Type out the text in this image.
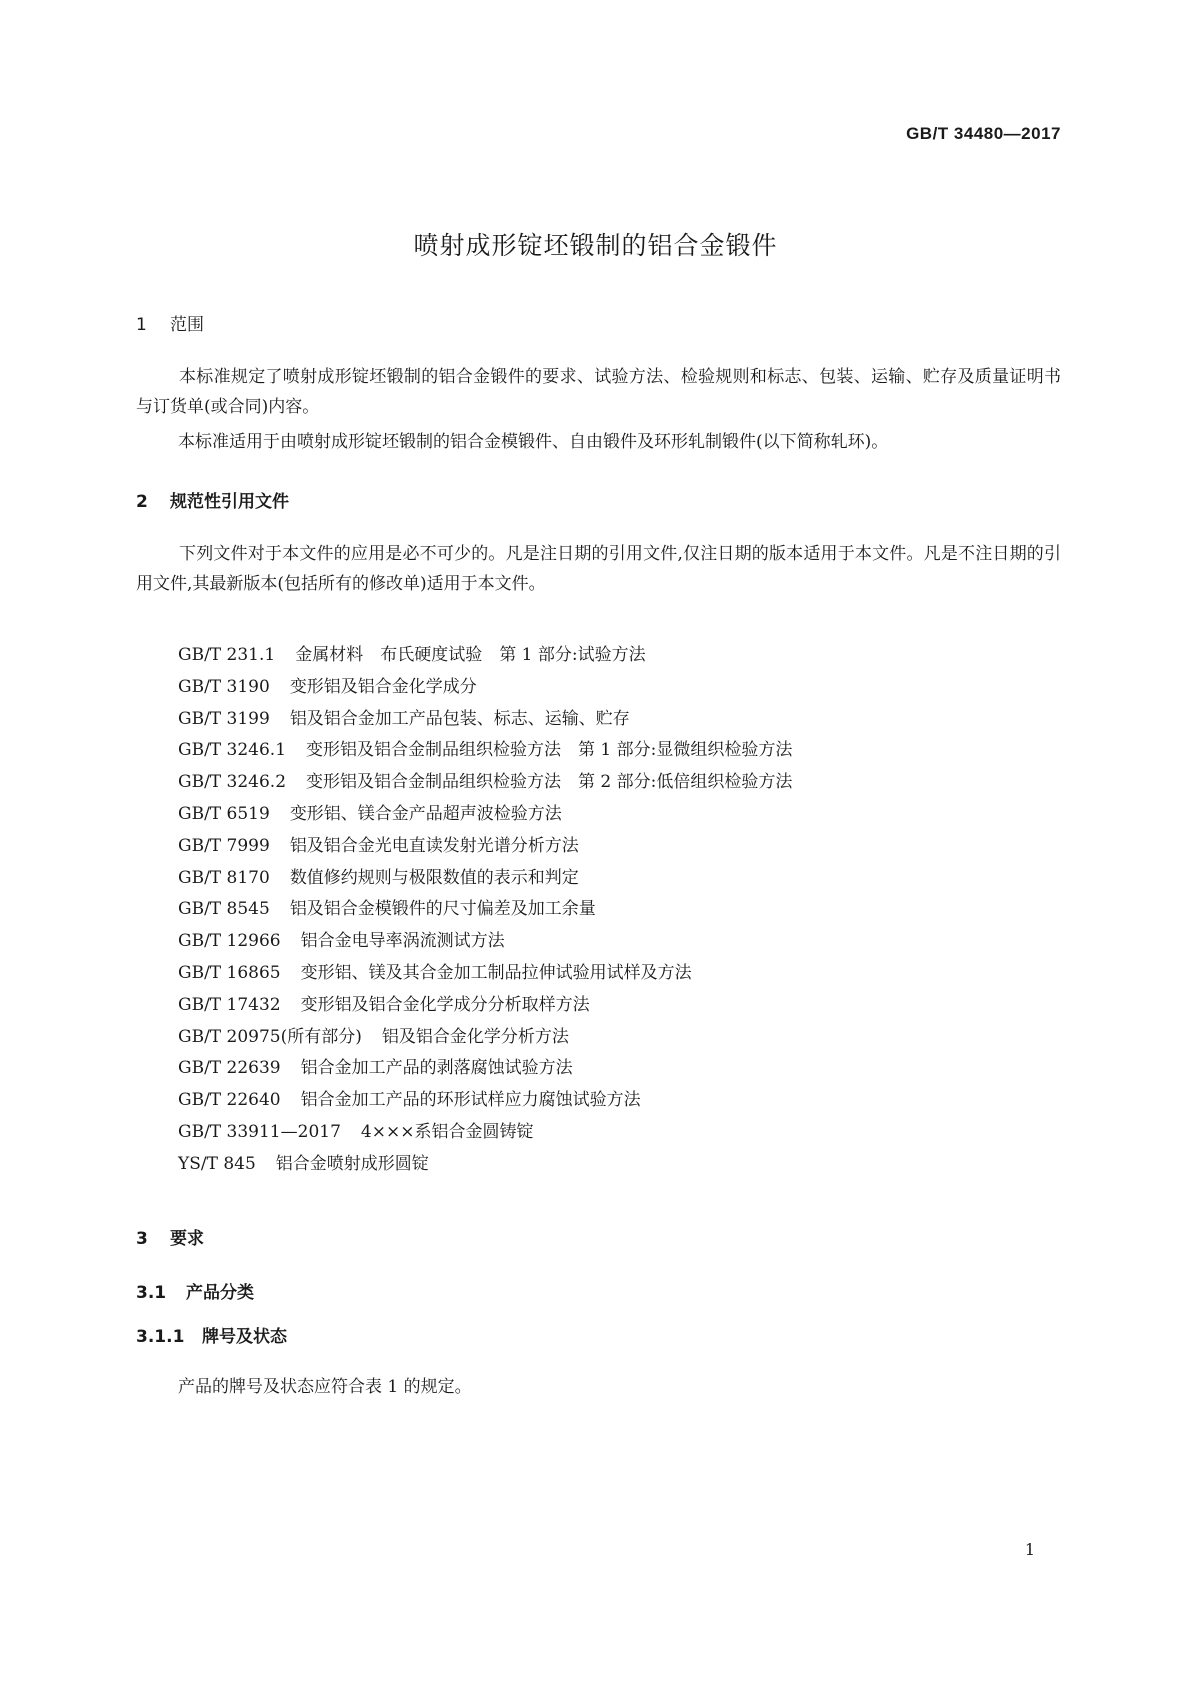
GB/T 34480—2017
喷射成形锭坯锻制的铝合金锻件
1 范围
本标准规定了喷射成形锭坯锻制的铝合金锻件的要求、试验方法、检验规则和标志、包装、运输、贮存及质量证明书与订货单(或合同)内容。
本标准适用于由喷射成形锭坯锻制的铝合金模锻件、自由锻件及环形轧制锻件(以下简称轧环)。
2 规范性引用文件
下列文件对于本文件的应用是必不可少的。凡是注日期的引用文件,仅注日期的版本适用于本文件。凡是不注日期的引用文件,其最新版本(包括所有的修改单)适用于本文件。
GB/T 231.1 金属材料　布氏硬度试验　第 1 部分:试验方法
GB/T 3190 变形铝及铝合金化学成分
GB/T 3199 铝及铝合金加工产品包装、标志、运输、贮存
GB/T 3246.1 变形铝及铝合金制品组织检验方法　第 1 部分:显微组织检验方法
GB/T 3246.2 变形铝及铝合金制品组织检验方法　第 2 部分:低倍组织检验方法
GB/T 6519 变形铝、镁合金产品超声波检验方法
GB/T 7999 铝及铝合金光电直读发射光谱分析方法
GB/T 8170 数值修约规则与极限数值的表示和判定
GB/T 8545 铝及铝合金模锻件的尺寸偏差及加工余量
GB/T 12966 铝合金电导率涡流测试方法
GB/T 16865 变形铝、镁及其合金加工制品拉伸试验用试样及方法
GB/T 17432 变形铝及铝合金化学成分分析取样方法
GB/T 20975(所有部分) 铝及铝合金化学分析方法
GB/T 22639 铝合金加工产品的剥落腐蚀试验方法
GB/T 22640 铝合金加工产品的环形试样应力腐蚀试验方法
GB/T 33911—2017 4×××系铝合金圆铸锭
YS/T 845 铝合金喷射成形圆锭
3 要求
3.1 产品分类
3.1.1 牌号及状态
产品的牌号及状态应符合表 1 的规定。
1
